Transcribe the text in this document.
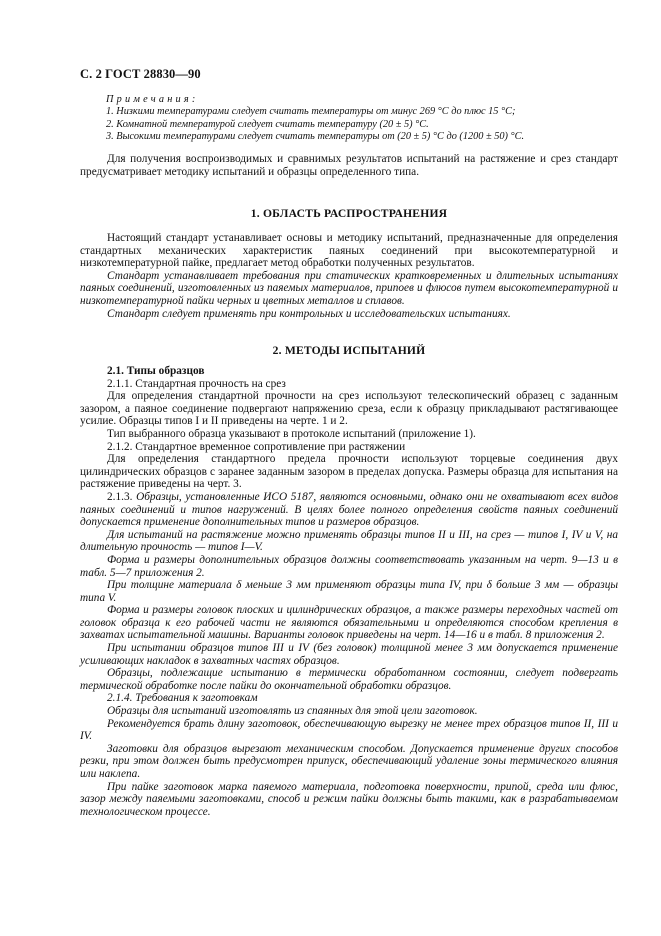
С. 2 ГОСТ 28830—90
Примечания:
1. Низкими температурами следует считать температуры от минус 269 °С до плюс 15 °С;
2. Комнатной температурой следует считать температуру (20 ± 5) °С.
3. Высокими температурами следует считать температуры от (20 ± 5) °С до (1200 ± 50) °С.

Для получения воспроизводимых и сравнимых результатов испытаний на растяжение и срез стандарт предусматривает методику испытаний и образцы определенного типа.

1. ОБЛАСТЬ РАСПРОСТРАНЕНИЯ

Настоящий стандарт устанавливает основы и методику испытаний, предназначенные для определения стандартных механических характеристик паяных соединений при высокотемпературной и низкотемпературной пайке, предлагает метод обработки полученных результатов.

Стандарт устанавливает требования при статических кратковременных и длительных испытаниях паяных соединений, изготовленных из паяемых материалов, припоев и флюсов путем высокотемпературной и низкотемпературной пайки черных и цветных металлов и сплавов.

Стандарт следует применять при контрольных и исследовательских испытаниях.

2. МЕТОДЫ ИСПЫТАНИЙ

2.1. Типы образцов

2.1.1. Стандартная прочность на срез

Для определения стандартной прочности на срез используют телескопический образец с заданным зазором, а паяное соединение подвергают напряжению среза, если к образцу прикладывают растягивающее усилие. Образцы типов I и II приведены на черте. 1 и 2.

Тип выбранного образца указывают в протоколе испытаний (приложение 1).

2.1.2. Стандартное временное сопротивление при растяжении

Для определения стандартного предела прочности используют торцевые соединения двух цилиндрических образцов с заранее заданным зазором в пределах допуска. Размеры образца для испытания на растяжение приведены на черт. 3.

2.1.3. Образцы, установленные ИСО 5187, являются основными, однако они не охватывают всех видов паяных соединений и типов нагружений. В целях более полного определения свойств паяных соединений допускается применение дополнительных типов и размеров образцов.

Для испытаний на растяжение можно применять образцы типов II и III, на срез — типов I, IV и V, на длительную прочность — типов I—V.

Форма и размеры дополнительных образцов должны соответствовать указанным на черт. 9—13 и в табл. 5—7 приложения 2.

При толщине материала δ меньше 3 мм применяют образцы типа IV, при δ больше 3 мм — образцы типа V.

Форма и размеры головок плоских и цилиндрических образцов, а также размеры переходных частей от головок образца к его рабочей части не являются обязательными и определяются способом крепления в захватах испытательной машины. Варианты головок приведены на черт. 14—16 и в табл. 8 приложения 2.

При испытании образцов типов III и IV (без головок) толщиной менее 3 мм допускается применение усиливающих накладок в захватных частях образцов.

Образцы, подлежащие испытанию в термически обработанном состоянии, следует подвергать термической обработке после пайки до окончательной обработки образцов.

2.1.4. Требования к заготовкам

Образцы для испытаний изготовлять из спаянных для этой цели заготовок.

Рекомендуется брать длину заготовок, обеспечивающую вырезку не менее трех образцов типов II, III и IV.

Заготовки для образцов вырезают механическим способом. Допускается применение других способов резки, при этом должен быть предусмотрен припуск, обеспечивающий удаление зоны термического влияния или наклепа.

При пайке заготовок марка паяемого материала, подготовка поверхности, припой, среда или флюс, зазор между паяемыми заготовками, способ и режим пайки должны быть такими, как в разрабатываемом технологическом процессе.
